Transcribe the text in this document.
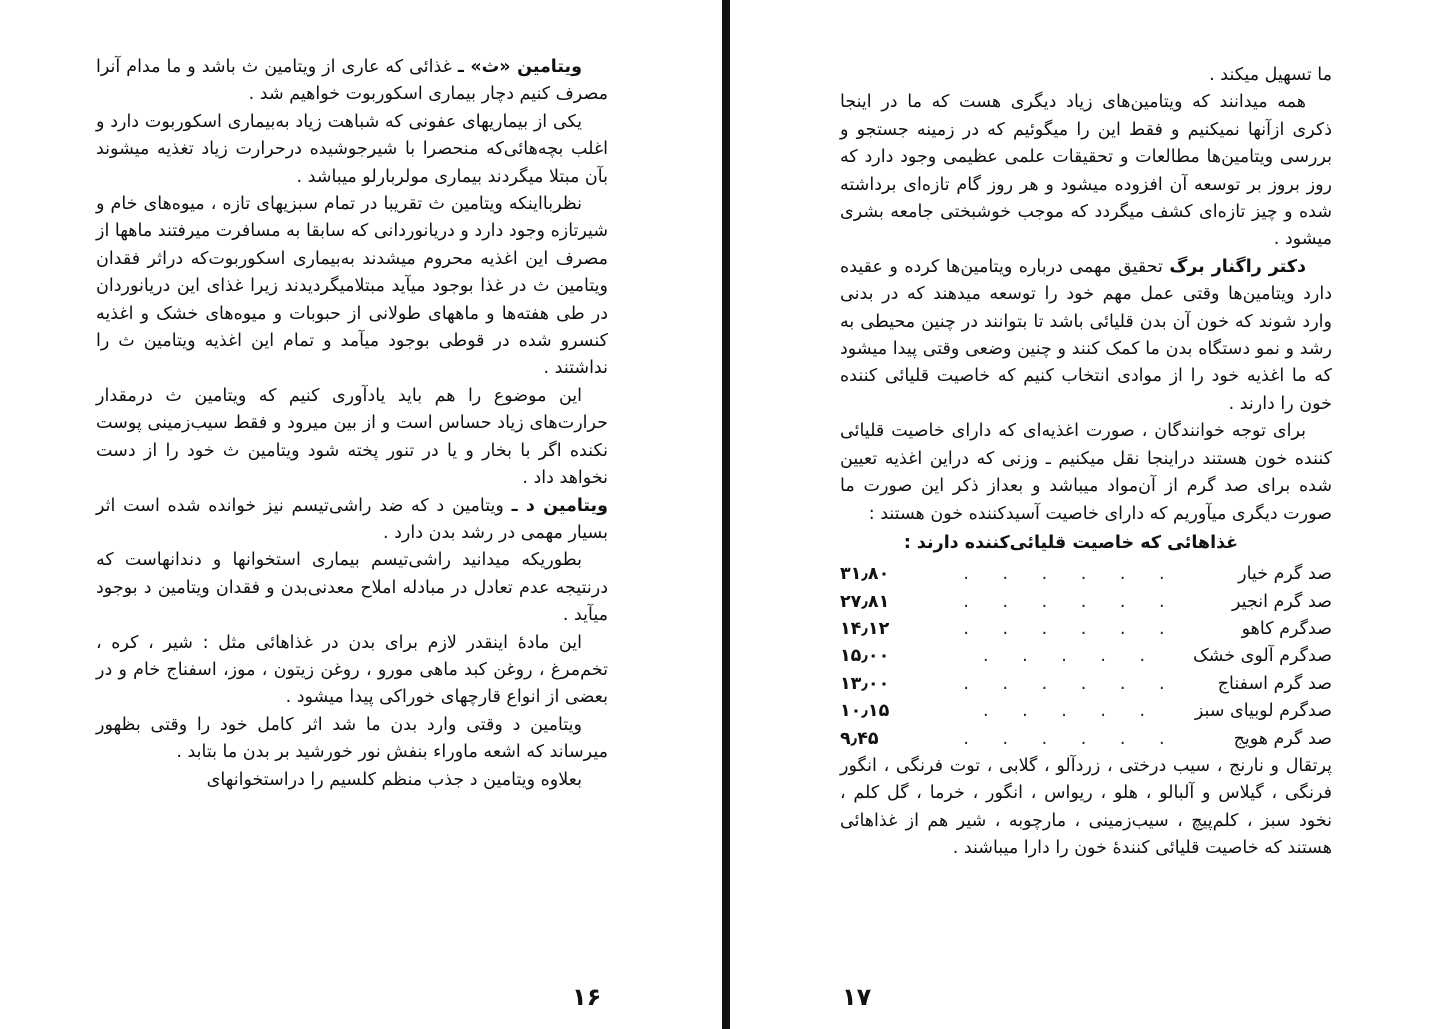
ویتامین «ث» ـ غذائی که عاری از ویتامین ث باشد و ما مدام آنرا مصرف کنیم دچار بیماری اسکوربوت خواهیم شد .

یکی از بیماریهای عفونی که شباهت زیاد به‌بیماری اسکوربوت دارد و اغلب بچه‌هائی‌که منحصرا با شیرجوشیده درحرارت زیاد تغذیه میشوند بآن مبتلا میگردند بیماری مولربارلو میباشد .

نظربااینکه ویتامین ث تقریبا در تمام سبزیهای تازه ، میوه‌های خام و شیرتازه وجود دارد و دریانوردانی که سابقا به مسافرت میرفتند ماهها از مصرف این اغذیه محروم میشدند به‌بیماری اسکوربوت‌که دراثر فقدان ویتامین ث در غذا بوجود میآید مبتلامیگردیدند زیرا غذای این دریانوردان در طی هفته‌ها و ماههای طولانی از حبوبات و میوه‌های خشک و اغذیه کنسرو شده در قوطی بوجود میآمد و تمام این اغذیه ویتامین ث را نداشتند .

این موضوع را هم باید یادآوری کنیم که ویتامین ث درمقدار حرارت‌های زیاد حساس است و از بین میرود و فقط سیب‌زمینی پوست نکنده اگر با بخار و یا در تنور پخته شود ویتامین ث خود را از دست نخواهد داد .

ویتامین د ـ ویتامین د که ضد راشی‌تیسم نیز خوانده شده است اثر بسیار مهمی در رشد بدن دارد .

بطوریکه میدانید راشی‌تیسم بیماری استخوانها و دندانهاست که درنتیجه عدم تعادل در مبادله املاح معدنی‌بدن و فقدان ویتامین د بوجود میآید .

این مادهٔ اینقدر لازم برای بدن در غذاهائی مثل : شیر ، کره ، تخم‌مرغ ، روغن کبد ماهی مورو ، روغن زیتون ، موز، اسفناج خام و در بعضی از انواع قارچهای خوراکی پیدا میشود .

ویتامین د وقتی وارد بدن ما شد اثر کامل خود را وقتی بظهور میرساند که اشعه ماوراء بنفش نور خورشید بر بدن ما بتابد .

بعلاوه ویتامین د جذب منظم کلسیم را دراستخوانهای

۱۶

ما تسهیل میکند .

همه میدانند که ویتامین‌های زیاد دیگری هست که ما در اینجا ذکری ازآنها نمیکنیم و فقط این را میگوئیم که در زمینه جستجو و بررسی ویتامین‌ها مطالعات و تحقیقات علمی عظیمی وجود دارد که روز بروز بر توسعه آن افزوده میشود و هر روز گام تازه‌ای برداشته شده و چیز تازه‌ای کشف میگردد که موجب خوشبختی جامعه بشری میشود .

دکتر راگنار برگ تحقیق مهمی درباره ویتامین‌ها کرده و عقیده دارد ویتامین‌ها وقتی عمل مهم خود را توسعه میدهند که در بدنی وارد شوند که خون آن بدن قلیائی باشد تا بتوانند در چنین محیطی به رشد و نمو دستگاه بدن ما کمک کنند و چنین وضعی وقتی پیدا میشود که ما اغذیه خود را از موادی انتخاب کنیم که خاصیت قلیائی کننده خون را دارند .

برای توجه خوانندگان ، صورت اغذیه‌ای که دارای خاصیت قلیائی کننده خون هستند دراینجا نقل میکنیم ـ وزنی که دراین اغذیه تعیین شده برای صد گرم از آن‌مواد میباشد و بعداز ذکر این صورت ما صورت دیگری میآوریم که دارای خاصیت آسیدکننده خون هستند :

غذاهائی که خاصیت قلیائی‌کننده دارند :
صد گرم خیار
. . . . . .
۳۱٫۸۰
صد گرم انجیر
. . . . . .
۲۷٫۸۱
صدگرم کاهو
. . . . . .
۱۴٫۱۲
صدگرم آلوی خشک
. . . . .
۱۵٫۰۰
صد گرم اسفناج
. . . . . .
۱۳٫۰۰
صدگرم لوبیای سبز
. . . . .
۱۰٫۱۵
صد گرم هویج
. . . . . .
۹٫۴۵

پرتقال و نارنج ، سیب درختی ، زردآلو ، گلابی ، توت فرنگی ، انگور فرنگی ، گیلاس و آلبالو ، هلو ، ریواس ، انگور ، خرما ، گل کلم ، نخود سبز ، کلم‌پیچ ، سیب‌زمینی ، مارچوبه ، شیر هم از غذاهائی هستند که خاصیت قلیائی کنندهٔ خون را دارا میباشند .

۱۷
